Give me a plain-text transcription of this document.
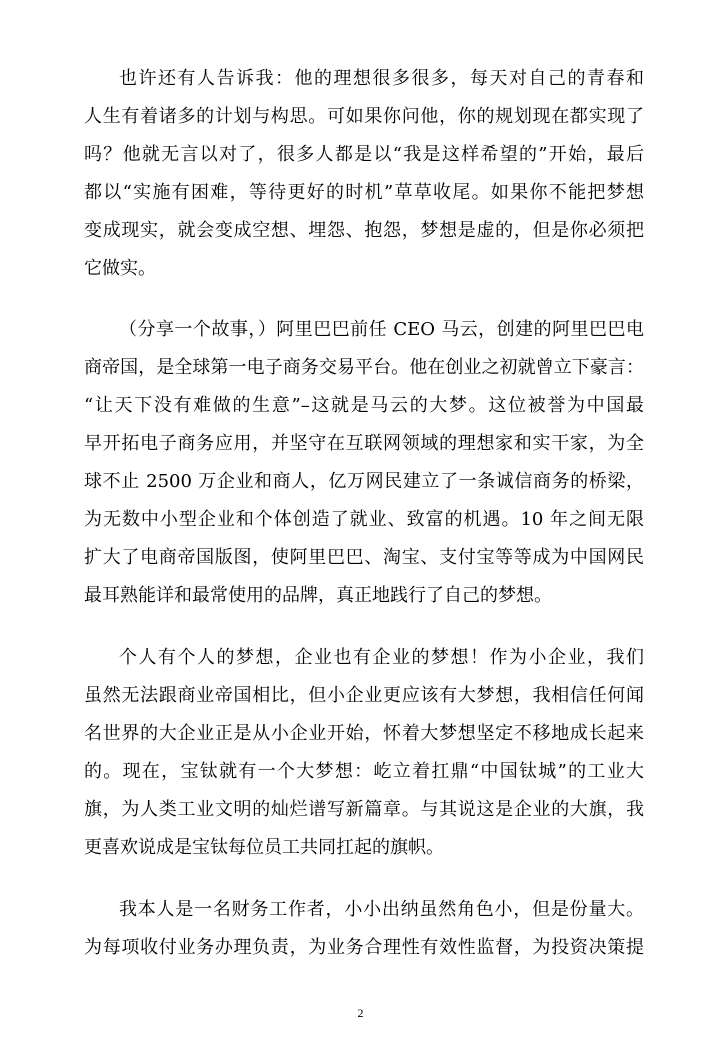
也许还有人告诉我：他的理想很多很多，每天对自己的青春和
人生有着诸多的计划与构思。可如果你问他，你的规划现在都实现了
吗？他就无言以对了，很多人都是以“我是这样希望的”开始，最后
都以“实施有困难，等待更好的时机”草草收尾。如果你不能把梦想
变成现实，就会变成空想、埋怨、抱怨，梦想是虚的，但是你必须把
它做实。
（分享一个故事，）阿里巴巴前任 CEO 马云，创建的阿里巴巴电
商帝国，是全球第一电子商务交易平台。他在创业之初就曾立下豪言：
“让天下没有难做的生意”–这就是马云的大梦。这位被誉为中国最
早开拓电子商务应用，并坚守在互联网领域的理想家和实干家，为全
球不止 2500 万企业和商人，亿万网民建立了一条诚信商务的桥梁，
为无数中小型企业和个体创造了就业、致富的机遇。10 年之间无限
扩大了电商帝国版图，使阿里巴巴、淘宝、支付宝等等成为中国网民
最耳熟能详和最常使用的品牌，真正地践行了自己的梦想。
个人有个人的梦想，企业也有企业的梦想！作为小企业，我们
虽然无法跟商业帝国相比，但小企业更应该有大梦想，我相信任何闻
名世界的大企业正是从小企业开始，怀着大梦想坚定不移地成长起来
的。现在，宝钛就有一个大梦想：屹立着扛鼎“中国钛城”的工业大
旗，为人类工业文明的灿烂谱写新篇章。与其说这是企业的大旗，我
更喜欢说成是宝钛每位员工共同扛起的旗帜。
我本人是一名财务工作者，小小出纳虽然角色小，但是份量大。
为每项收付业务办理负责，为业务合理性有效性监督，为投资决策提
2
